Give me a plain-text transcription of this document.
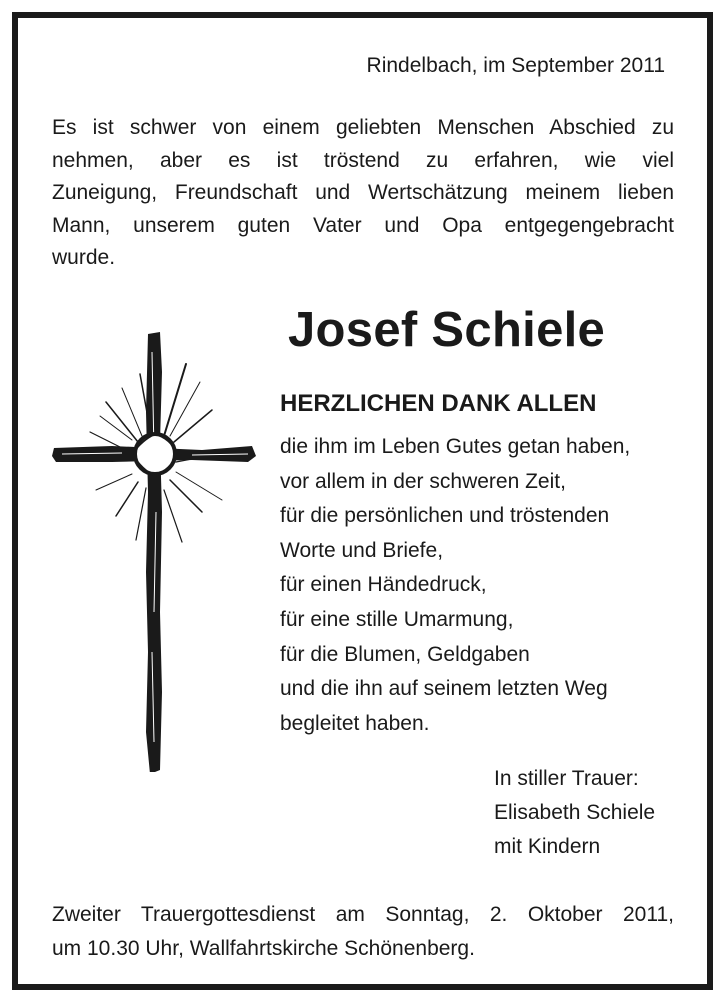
Rindelbach, im September 2011
Es ist schwer von einem geliebten Menschen Abschied zu
nehmen, aber es ist tröstend zu erfahren, wie viel
Zuneigung, Freundschaft und Wertschätzung meinem lieben
Mann, unserem guten Vater und Opa entgegengebracht
wurde.
Josef Schiele
HERZLICHEN DANK ALLEN
die ihm im Leben Gutes getan haben,
vor allem in der schweren Zeit,
für die persönlichen und tröstenden
Worte und Briefe,
für einen Händedruck,
für eine stille Umarmung,
für die Blumen, Geldgaben
und die ihn auf seinem letzten Weg
begleitet haben.
In stiller Trauer:
Elisabeth Schiele
mit Kindern
Zweiter Trauergottesdienst am Sonntag, 2. Oktober 2011,
um 10.30 Uhr, Wallfahrtskirche Schönenberg.
